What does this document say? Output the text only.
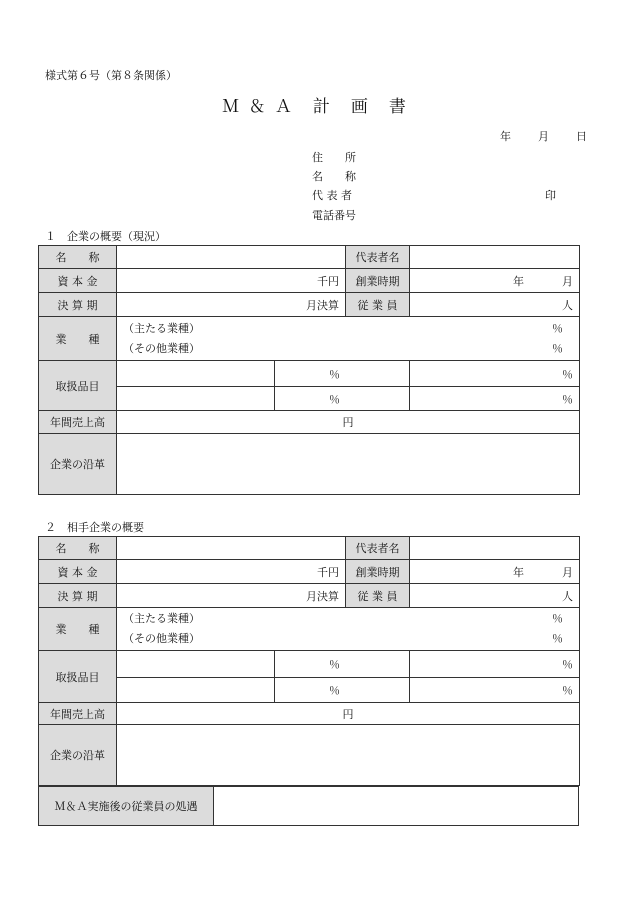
様式第６号（第８条関係）
Ｍ ＆ Ａ　計　画　書
年 月 日
住　　所
名　　称
代 表 者	印
電話番号
１　企業の概要（現況）
名　　称			代表者名	
資 本 金	千円		創業時期	年 月
決 算 期	月決算		従 業 員	人
業　　種	（主たる業種） ％
（その他業種） ％			

取扱品目	％			％
	％			％
年間売上高	円			
企業の沿革				
２　相手企業の概要
名　　称			代表者名	
資 本 金	千円		創業時期	年 月
決 算 期	月決算		従 業 員	人
業　　種	（主たる業種） ％
（その他業種） ％			

取扱品目	％			％
	％			％
年間売上高	円			
企業の沿革				
Ｍ＆Ａ実施後の従業員の処遇
